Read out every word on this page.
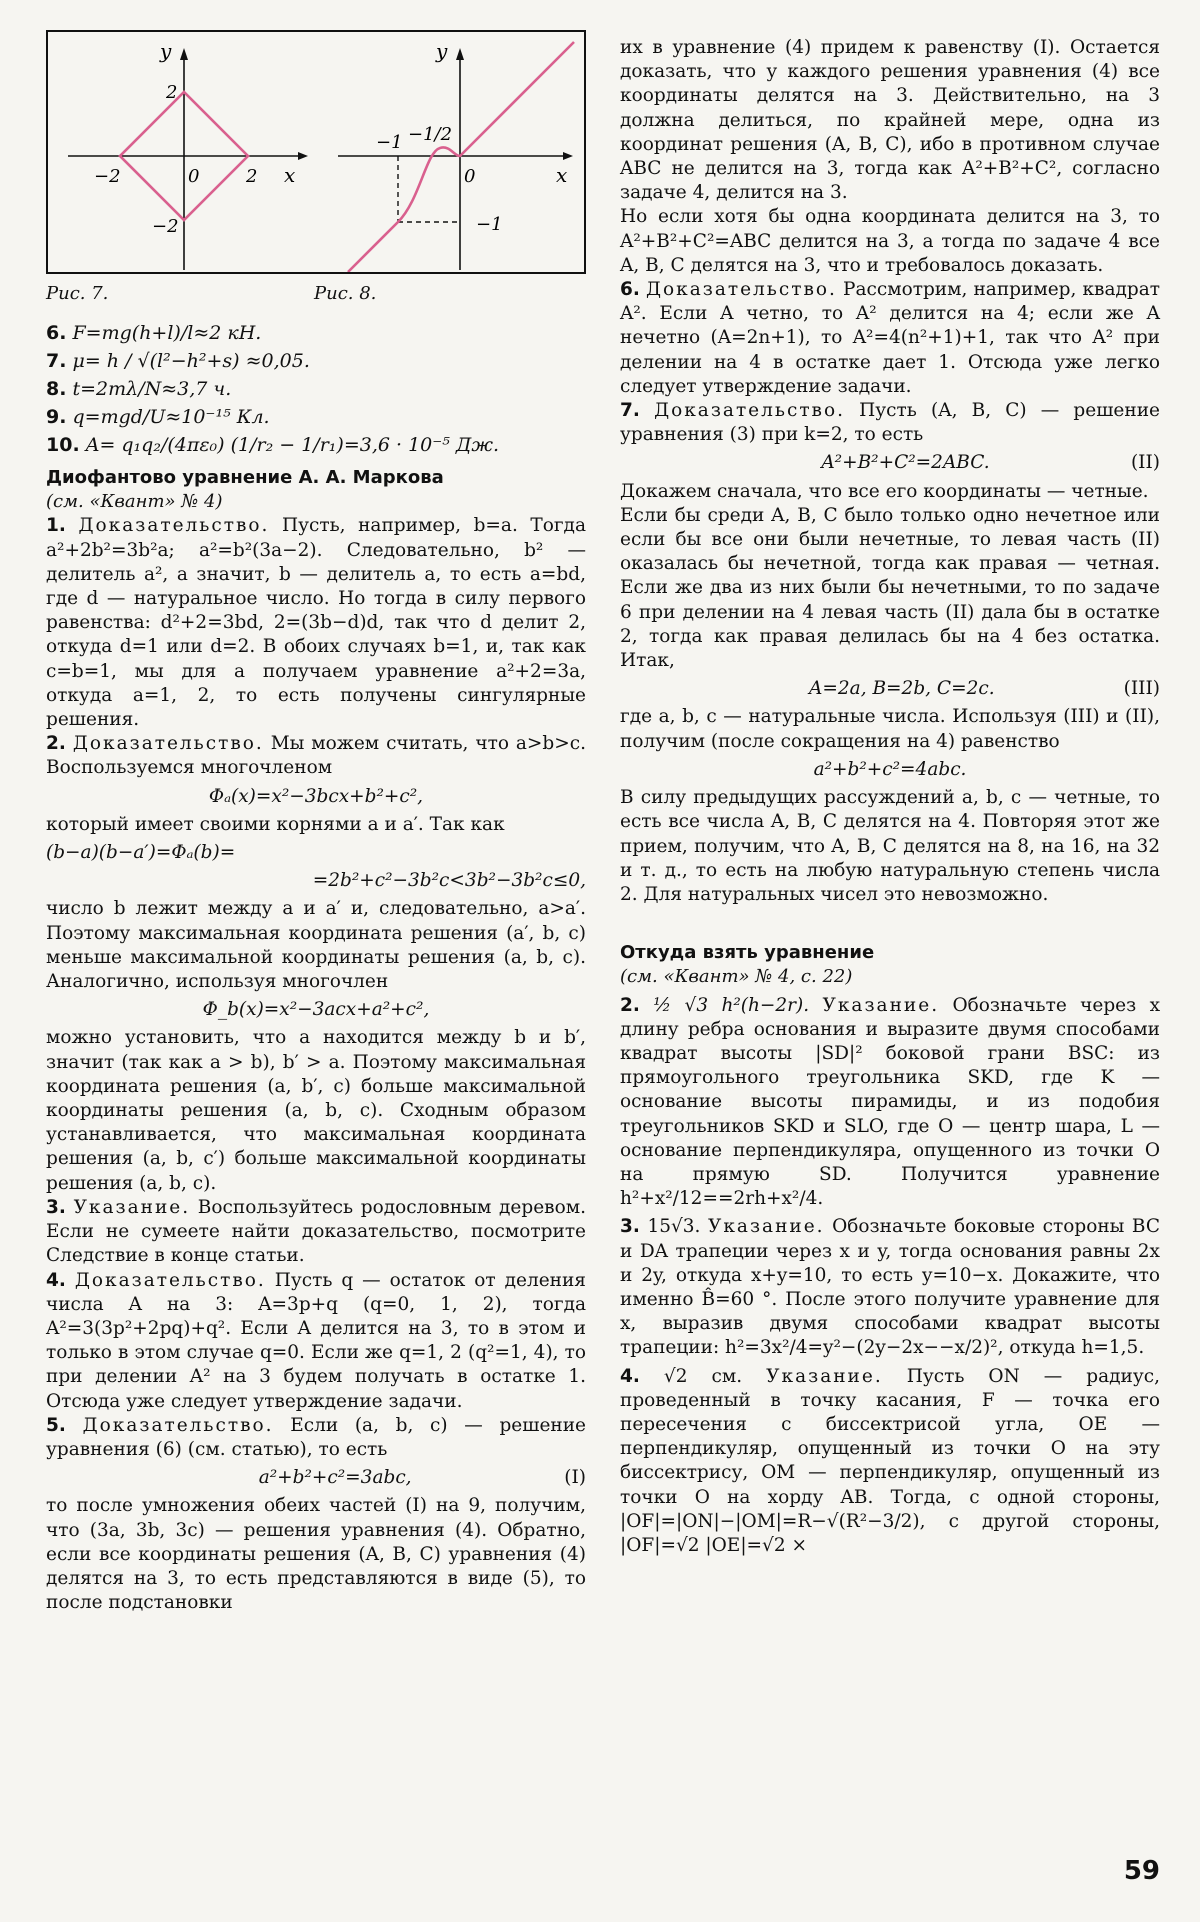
y
x
2
−2
−2	2
0
y
x
−1 −1/2
0
−1
Рис. 7.	Рис. 8.
6. F=mg(h+l)/l≈2 кН.
7. μ= h / √(l²−h²+s) ≈0,05.
8. t=2mλ/N≈3,7 ч.
9. q=mgd/U≈10⁻¹⁵ Кл.
10. A= q₁q₂/(4πε₀) (1/r₂ − 1/r₁)=3,6 · 10⁻⁵ Дж.
Диофантово уравнение А. А. Маркова
(см. «Квант» № 4)

1. Доказательство. Пусть, например, b=a. Тогда a²+2b²=3b²a; a²=b²(3a−2). Следовательно, b² — делитель a², а значит, b — делитель a, то есть a=bd, где d — натуральное число. Но тогда в силу первого равенства: d²+2=3bd, 2=(3b−d)d, так что d делит 2, откуда d=1 или d=2. В обоих случаях b=1, и, так как c=b=1, мы для a получаем уравнение a²+2=3a, откуда a=1, 2, то есть получены сингулярные решения.

2. Доказательство. Мы можем считать, что a>b>c. Воспользуемся многочленом

Φₐ(x)=x²−3bcx+b²+c²,

который имеет своими корнями a и a′. Так как

(b−a)(b−a′)=Φₐ(b)=
=2b²+c²−3b²c<3b²−3b²c≤0,

число b лежит между a и a′ и, следовательно, a>a′. Поэтому максимальная координата решения (a′, b, c) меньше максимальной координаты решения (a, b, c). Аналогично, используя многочлен

Φ_b(x)=x²−3acx+a²+c²,

можно установить, что a находится между b и b′, значит (так как a > b), b′ > a. Поэтому максимальная координата решения (a, b′, c) больше максимальной координаты решения (a, b, c). Сходным образом устанавливается, что максимальная координата решения (a, b, c′) больше максимальной координаты решения (a, b, c).

3. Указание. Воспользуйтесь родословным деревом. Если не сумеете найти доказательство, посмотрите Следствие в конце статьи.

4. Доказательство. Пусть q — остаток от деления числа A на 3: A=3p+q (q=0, 1, 2), тогда A²=3(3p²+2pq)+q². Если A делится на 3, то в этом и только в этом случае q=0. Если же q=1, 2 (q²=1, 4), то при делении A² на 3 будем получать в остатке 1. Отсюда уже следует утверждение задачи.

5. Доказательство. Если (a, b, c) — решение уравнения (6) (см. статью), то есть

a²+b²+c²=3abc,	(I)

то после умножения обеих частей (I) на 9, получим, что (3a, 3b, 3c) — решения уравнения (4). Обратно, если все координаты решения (A, B, C) уравнения (4) делятся на 3, то есть представляются в виде (5), то после подстановки

их в уравнение (4) придем к равенству (I). Остается доказать, что у каждого решения уравнения (4) все координаты делятся на 3. Действительно, на 3 должна делиться, по крайней мере, одна из координат решения (A, B, C), ибо в противном случае ABC не делится на 3, тогда как A²+B²+C², согласно задаче 4, делится на 3.

Но если хотя бы одна координата делится на 3, то A²+B²+C²=ABC делится на 3, а тогда по задаче 4 все A, B, C делятся на 3, что и требовалось доказать.

6. Доказательство. Рассмотрим, например, квадрат A². Если A четно, то A² делится на 4; если же A нечетно (A=2n+1), то A²=4(n²+1)+1, так что A² при делении на 4 в остатке дает 1. Отсюда уже легко следует утверждение задачи.

7. Доказательство. Пусть (A, B, C) — решение уравнения (3) при k=2, то есть

A²+B²+C²=2ABC.	(II)

Докажем сначала, что все его координаты — четные.

Если бы среди A, B, C было только одно нечетное или если бы все они были нечетные, то левая часть (II) оказалась бы нечетной, тогда как правая — четная. Если же два из них были бы нечетными, то по задаче 6 при делении на 4 левая часть (II) дала бы в остатке 2, тогда как правая делилась бы на 4 без остатка. Итак,

A=2a, B=2b, C=2c.	(III)

где a, b, c — натуральные числа. Используя (III) и (II), получим (после сокращения на 4) равенство

a²+b²+c²=4abc.

В силу предыдущих рассуждений a, b, c — четные, то есть все числа A, B, C делятся на 4. Повторяя этот же прием, получим, что A, B, C делятся на 8, на 16, на 32 и т. д., то есть на любую натуральную степень числа 2. Для натуральных чисел это невозможно.

Откуда взять уравнение
(см. «Квант» № 4, с. 22)

2. ½ √3 h²(h−2r). Указание. Обозначьте через x длину ребра основания и выразите двумя способами квадрат высоты |SD|² боковой грани BSC: из прямоугольного треугольника SKD, где K — основание высоты пирамиды, и из подобия треугольников SKD и SLO, где O — центр шара, L — основание перпендикуляра, опущенного из точки O на прямую SD. Получится уравнение h²+x²/12==2rh+x²/4.

3. 15√3. Указание. Обозначьте боковые стороны BC и DA трапеции через x и y, тогда основания равны 2x и 2y, откуда x+y=10, то есть y=10−x. Докажите, что именно B̂=60 °. После этого получите уравнение для x, выразив двумя способами квадрат высоты трапеции: h²=3x²/4=y²−(2y−2x−−x/2)², откуда h=1,5.

4. √2 см. Указание. Пусть ON — радиус, проведенный в точку касания, F — точка его пересечения с биссектрисой угла, OE — перпендикуляр, опущенный из точки O на эту биссектрису, OM — перпендикуляр, опущенный из точки O на хорду AB. Тогда, с одной стороны, |OF|=|ON|−|OM|=R−√(R²−3/2), с другой стороны, |OF|=√2 |OE|=√2 ×

59
